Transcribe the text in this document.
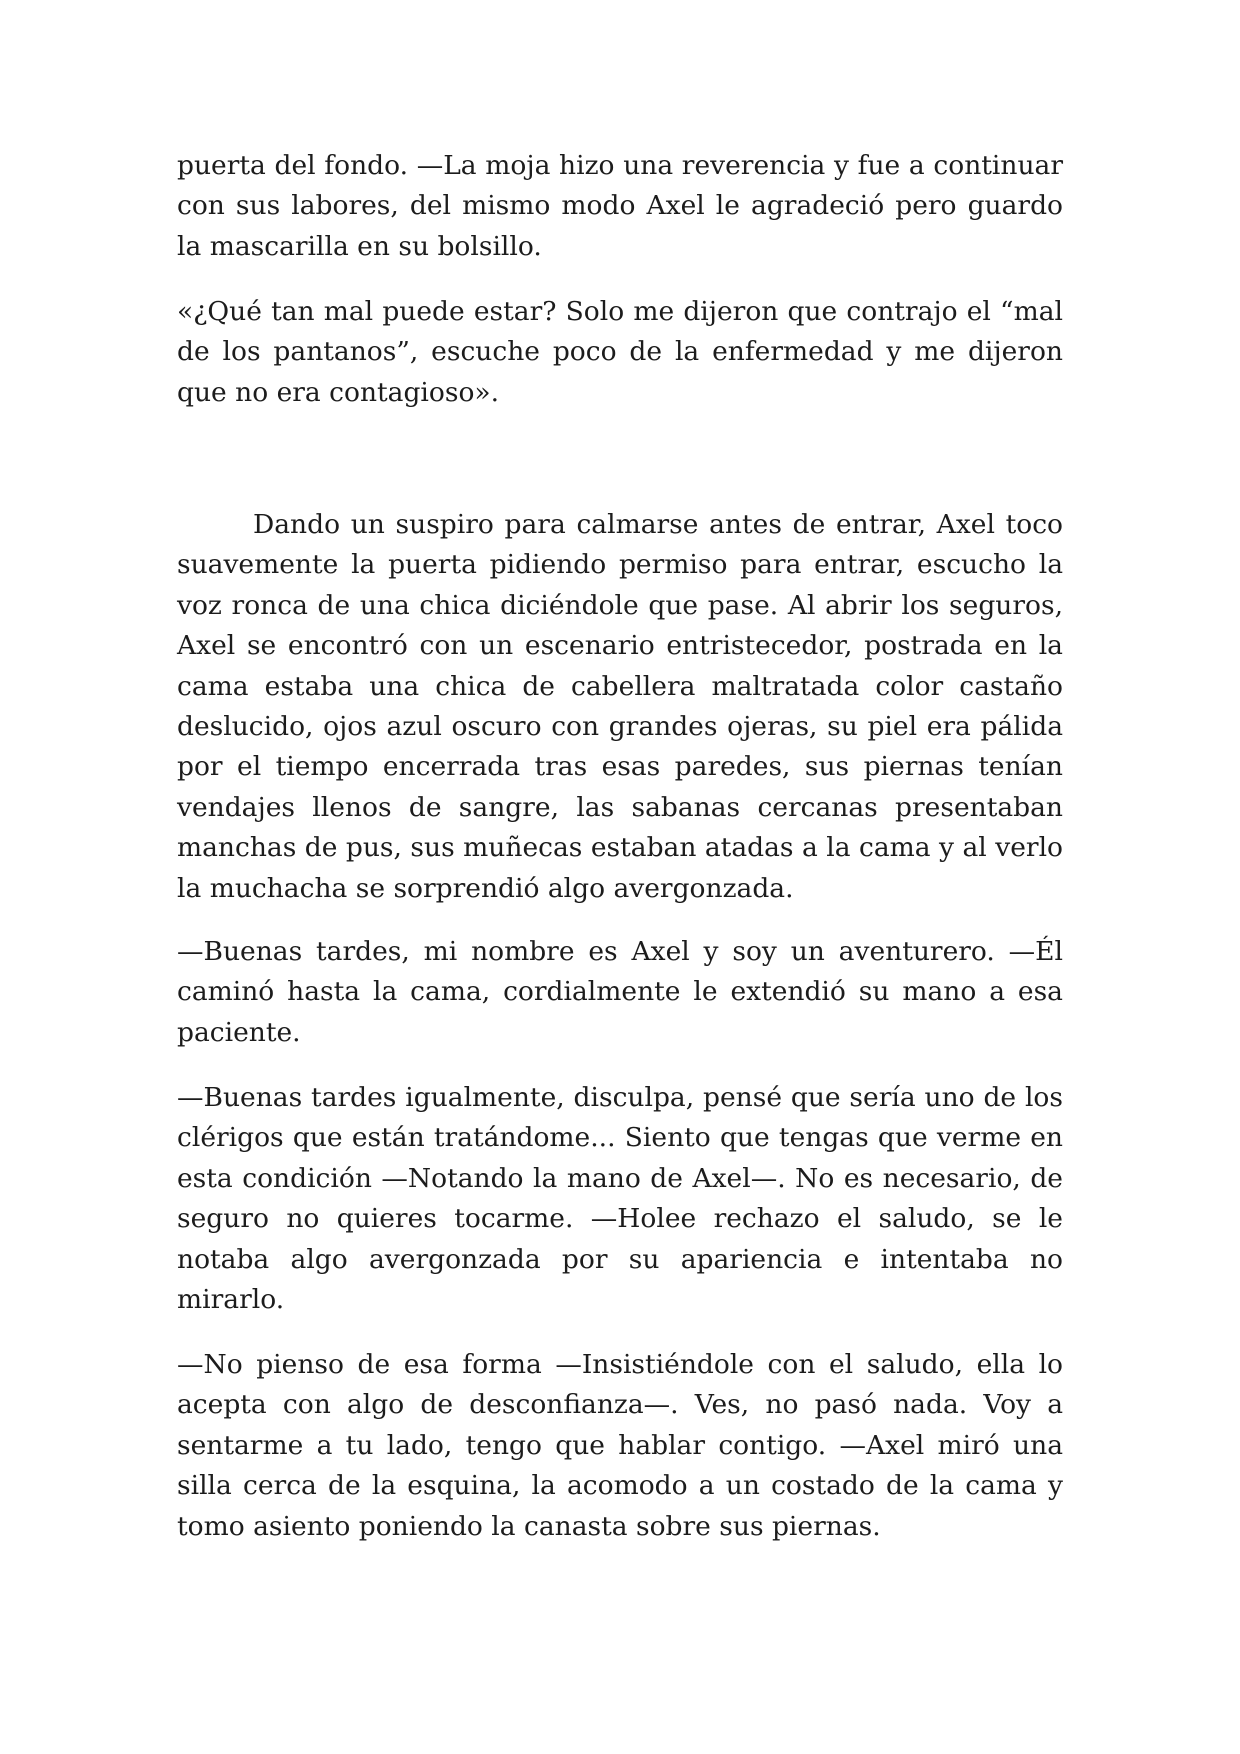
puerta del fondo. —La moja hizo una reverencia y fue a continuar con sus labores, del mismo modo Axel le agradeció pero guardo la mascarilla en su bolsillo.

«¿Qué tan mal puede estar? Solo me dijeron que contrajo el “mal de los pantanos”, escuche poco de la enfermedad y me dijeron que no era contagioso».

Dando un suspiro para calmarse antes de entrar, Axel toco suavemente la puerta pidiendo permiso para entrar, escucho la voz ronca de una chica diciéndole que pase. Al abrir los seguros, Axel se encontró con un escenario entristecedor, postrada en la cama estaba una chica de cabellera maltratada color castaño deslucido, ojos azul oscuro con grandes ojeras, su piel era pálida por el tiempo encerrada tras esas paredes, sus piernas tenían vendajes llenos de sangre, las sabanas cercanas presentaban manchas de pus, sus muñecas estaban atadas a la cama y al verlo la muchacha se sorprendió algo avergonzada.

—Buenas tardes, mi nombre es Axel y soy un aventurero. —Él caminó hasta la cama, cordialmente le extendió su mano a esa paciente.

—Buenas tardes igualmente, disculpa, pensé que sería uno de los clérigos que están tratándome... Siento que tengas que verme en esta condición —Notando la mano de Axel—. No es necesario, de seguro no quieres tocarme. —Holee rechazo el saludo, se le notaba algo avergonzada por su apariencia e intentaba no mirarlo.

—No pienso de esa forma —Insistiéndole con el saludo, ella lo acepta con algo de desconfianza—. Ves, no pasó nada. Voy a sentarme a tu lado, tengo que hablar contigo. —Axel miró una silla cerca de la esquina, la acomodo a un costado de la cama y tomo asiento poniendo la canasta sobre sus piernas.
